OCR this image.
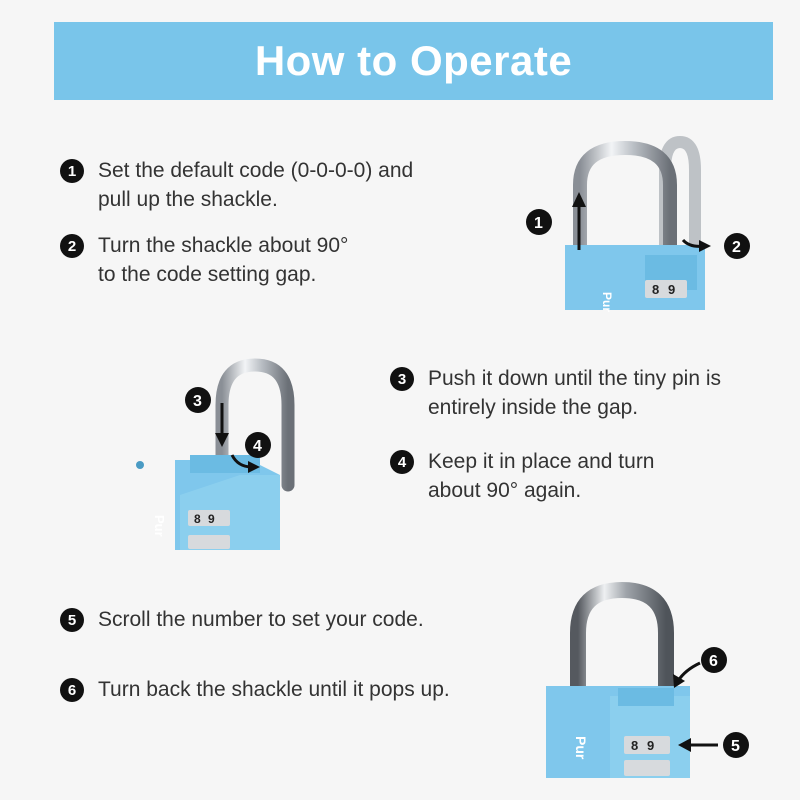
How to Operate
1	Set the default code (0-0-0-0) and
pull up the shackle.
2	Turn the shackle about 90°
to the code setting gap.
3	Push it down until the tiny pin is
entirely inside the gap.
4	Keep it in place and turn
about 90° again.
5	Scroll the number to set your code.
6	Turn back the shackle until it pops up.
8 9
Pur
1
2
8 9
Pur
3
4
8 9
Pur
6
5
